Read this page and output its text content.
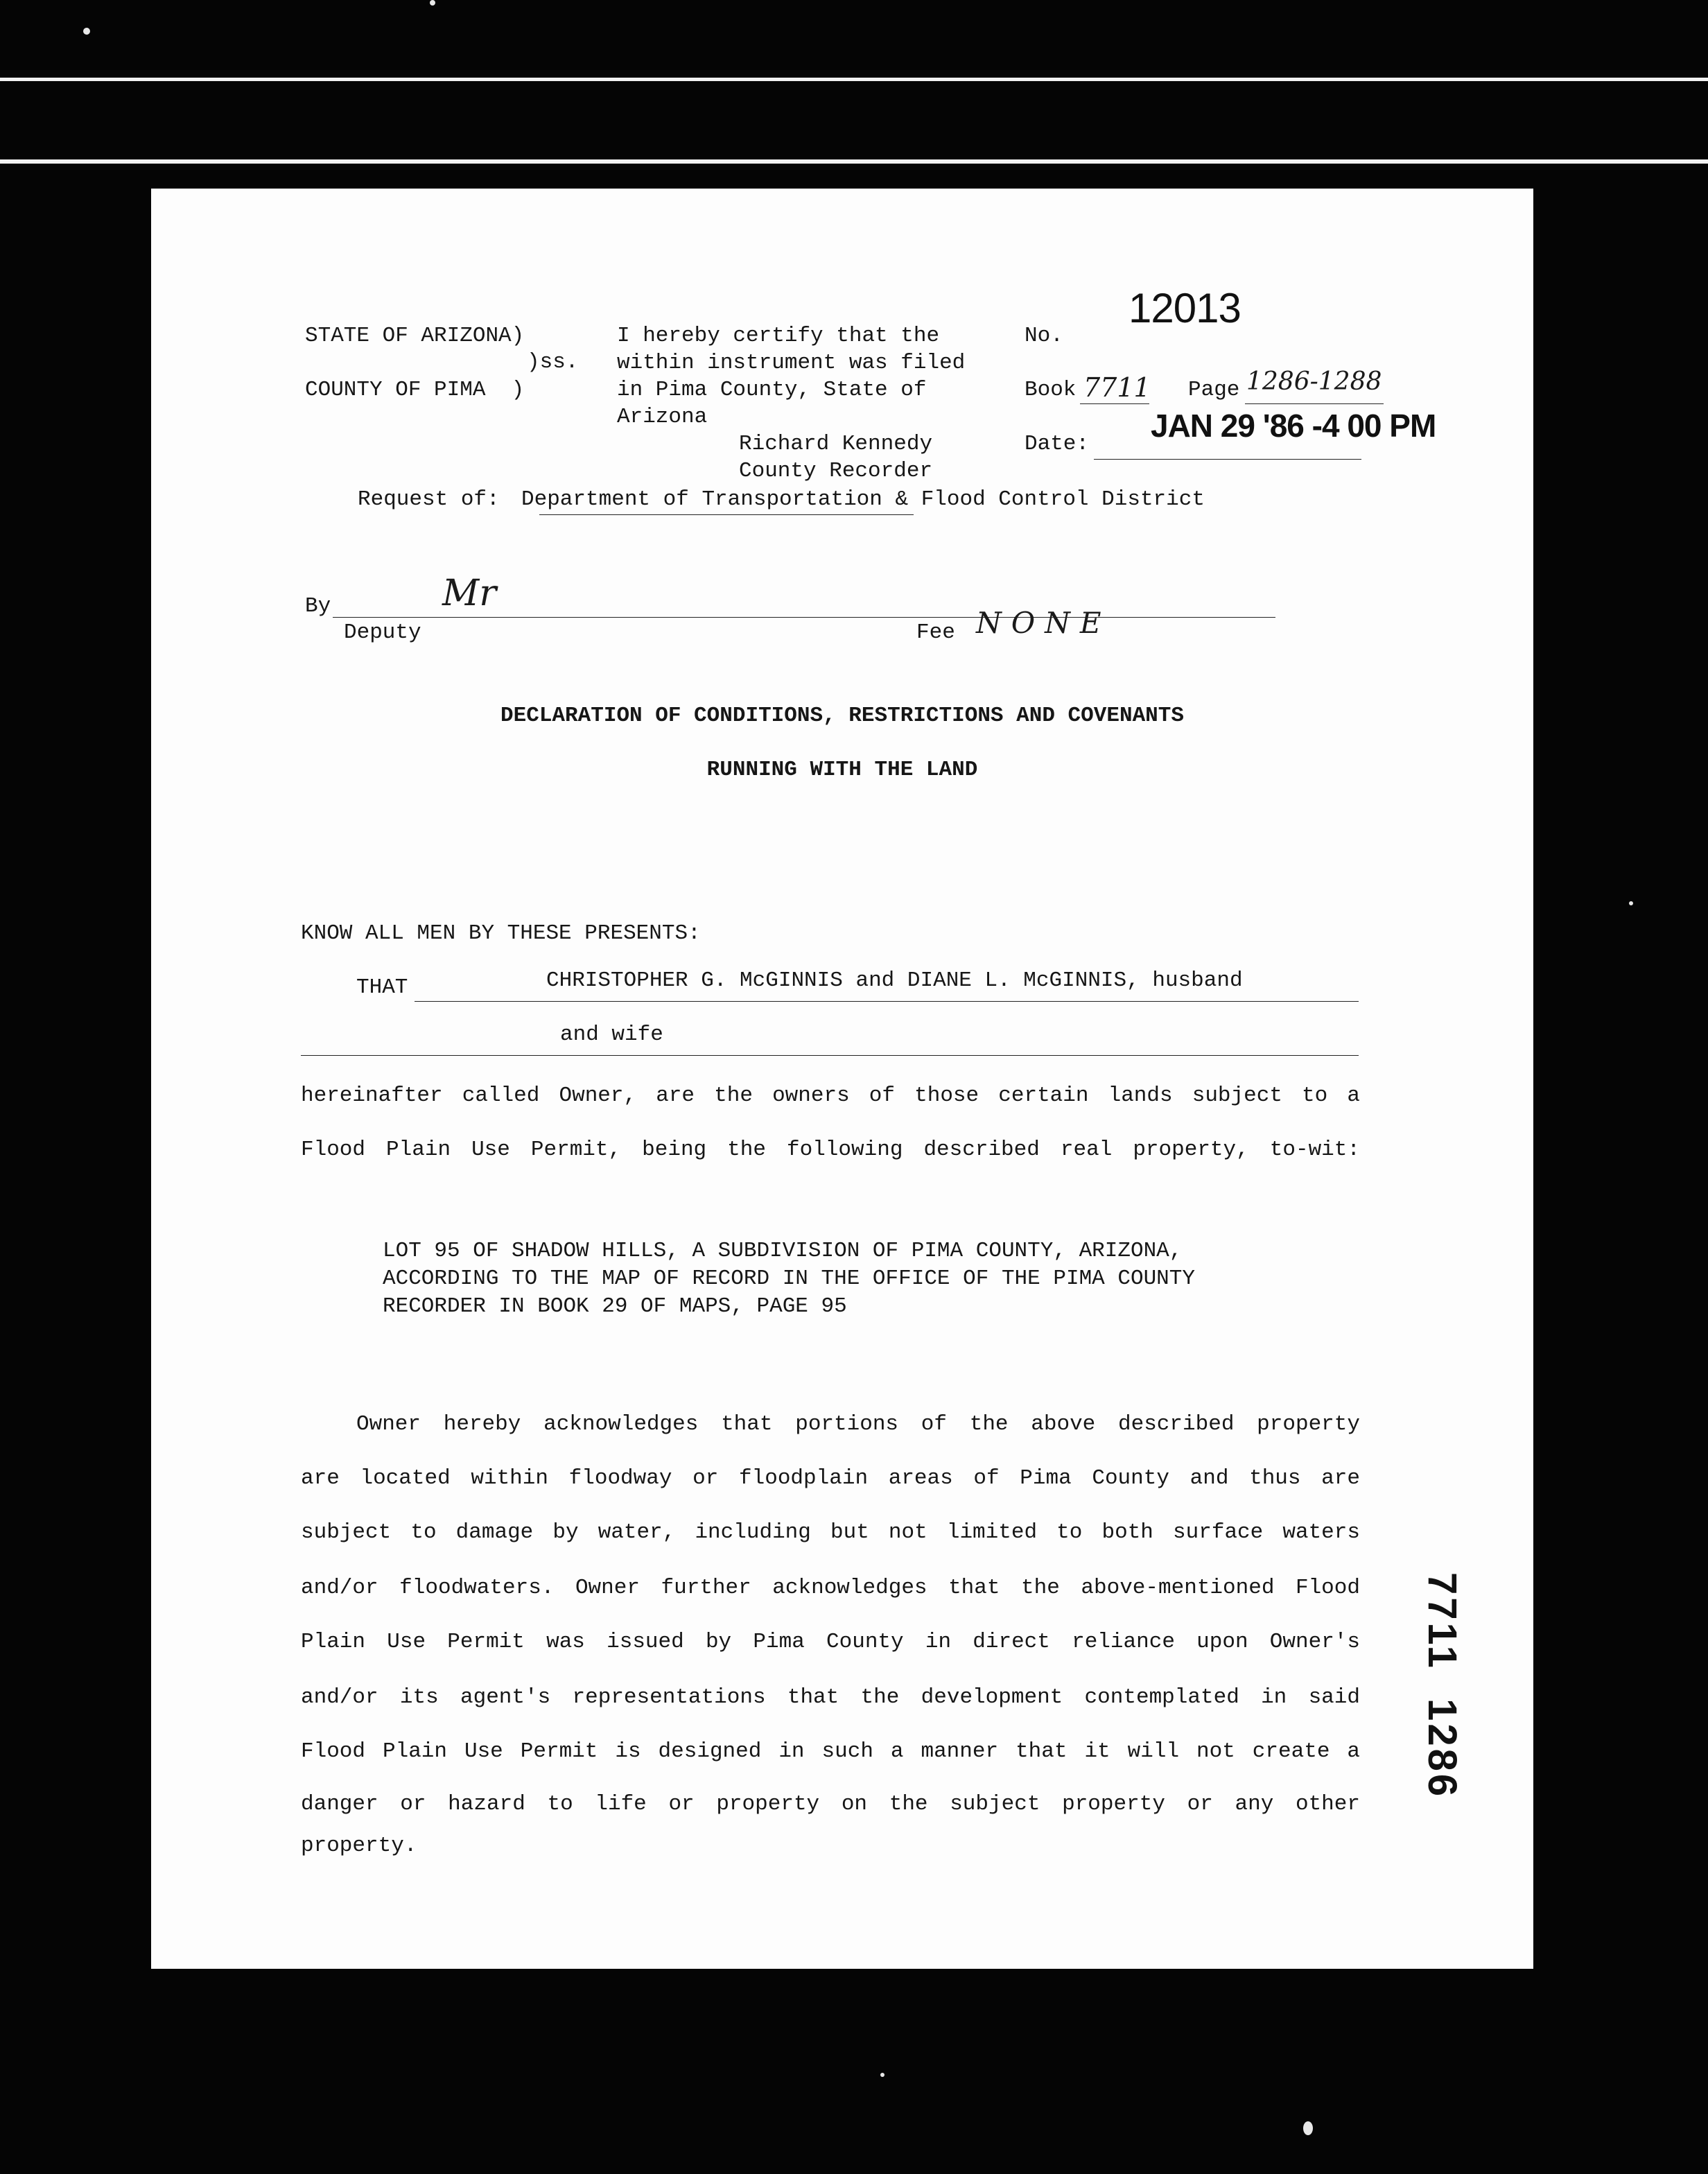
STATE OF ARIZONA)
)ss.
COUNTY OF PIMA  )
I hereby certify that the
within instrument was filed
in Pima County, State of
Arizona
Richard Kennedy
County Recorder
No.
12013
Book 7711 Page 1286-1288
Date:
JAN 29 '86 -4 00 PM
Request of: Department of Transportation & Flood Control District
By	Mr
Deputy	Fee NONE
DECLARATION OF CONDITIONS, RESTRICTIONS AND COVENANTS
RUNNING WITH THE LAND
KNOW ALL MEN BY THESE PRESENTS:
THAT	CHRISTOPHER G. McGINNIS and DIANE L. McGINNIS, husband
and wife
hereinafter called Owner, are the owners of those certain lands subject to a
Flood Plain Use Permit, being the following described real property, to-wit:
LOT 95 OF SHADOW HILLS, A SUBDIVISION OF PIMA COUNTY, ARIZONA,
ACCORDING TO THE MAP OF RECORD IN THE OFFICE OF THE PIMA COUNTY
RECORDER IN BOOK 29 OF MAPS, PAGE 95
Owner hereby acknowledges that portions of the above described property
are located within floodway or floodplain areas of Pima County and thus are
subject to damage by water, including but not limited to both surface waters
and/or floodwaters. Owner further acknowledges that the above-mentioned Flood
Plain Use Permit was issued by Pima County in direct reliance upon Owner's
and/or its agent's representations that the development contemplated in said
Flood Plain Use Permit is designed in such a manner that it will not create a
danger or hazard to life or property on the subject property or any other
property.
7711  1286
